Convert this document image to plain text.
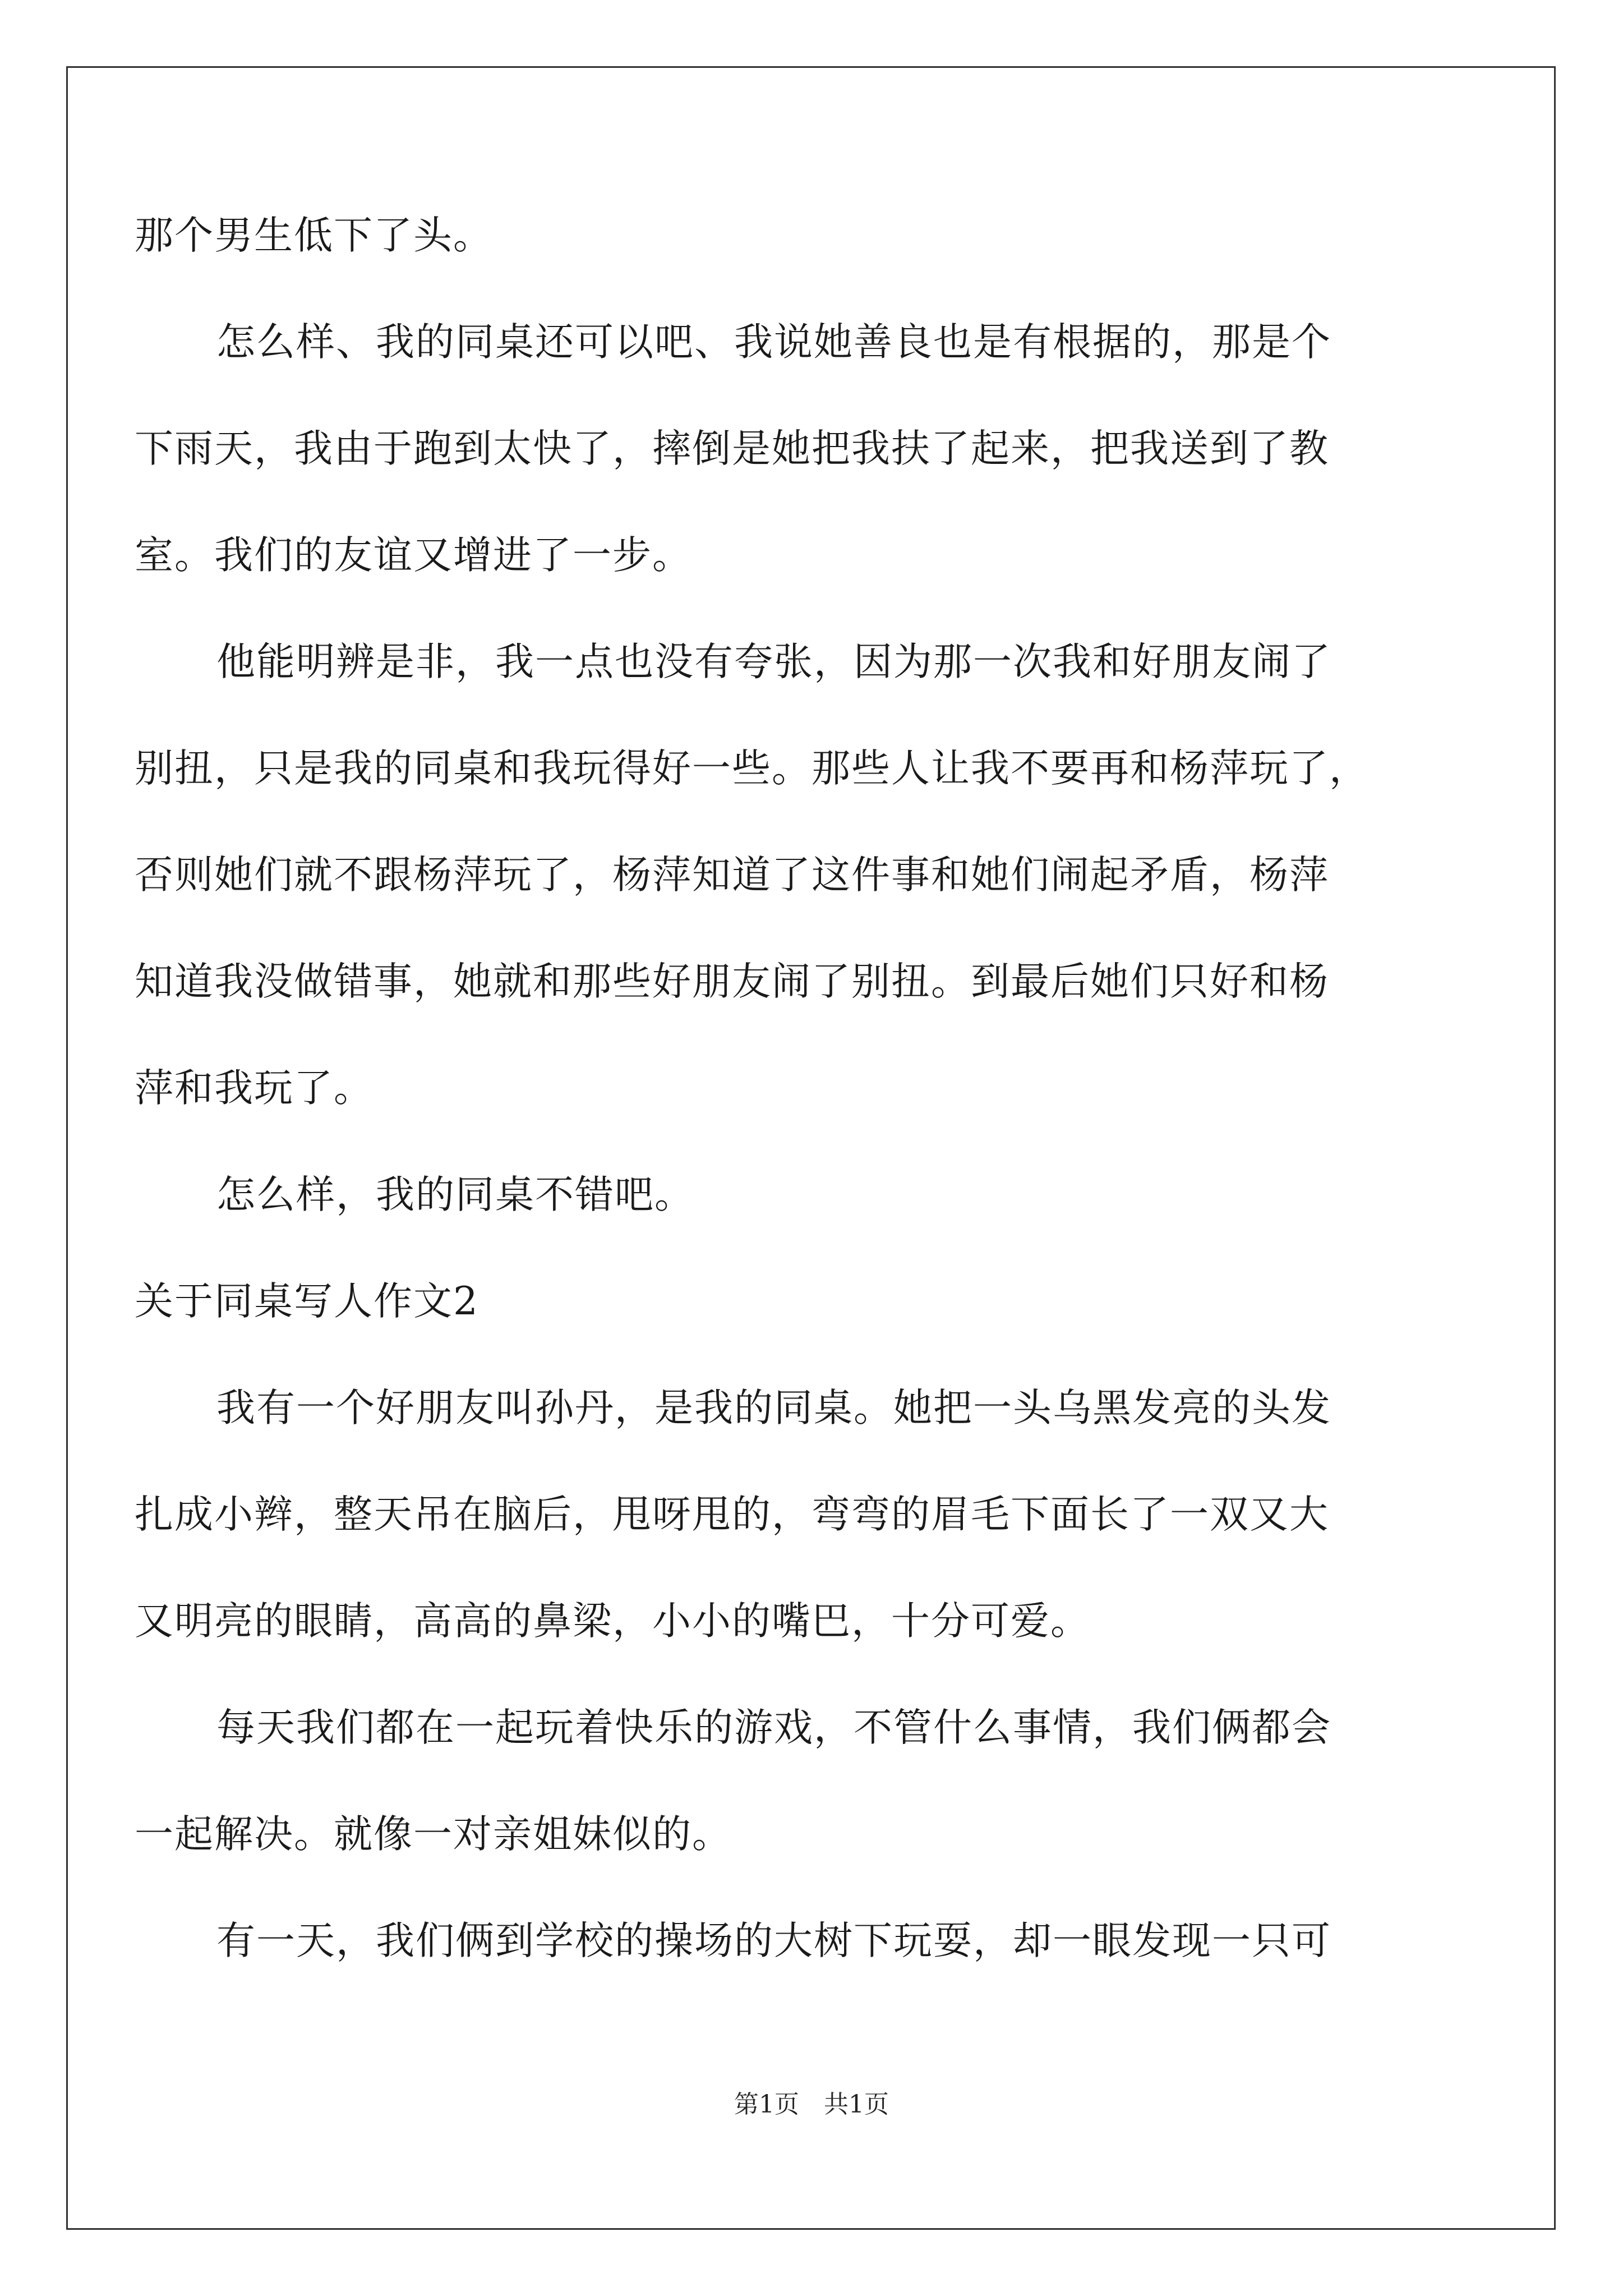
那个男生低下了头。
怎么样、我的同桌还可以吧、我说她善良也是有根据的，那是个
下雨天，我由于跑到太快了，摔倒是她把我扶了起来，把我送到了教
室。我们的友谊又增进了一步。
他能明辨是非，我一点也没有夸张，因为那一次我和好朋友闹了
别扭，只是我的同桌和我玩得好一些。那些人让我不要再和杨萍玩了，
否则她们就不跟杨萍玩了，杨萍知道了这件事和她们闹起矛盾，杨萍
知道我没做错事，她就和那些好朋友闹了别扭。到最后她们只好和杨
萍和我玩了。
怎么样，我的同桌不错吧。
关于同桌写人作文2
我有一个好朋友叫孙丹，是我的同桌。她把一头乌黑发亮的头发
扎成小辫，整天吊在脑后，甩呀甩的，弯弯的眉毛下面长了一双又大
又明亮的眼睛，高高的鼻梁，小小的嘴巴，十分可爱。
每天我们都在一起玩着快乐的游戏，不管什么事情，我们俩都会
一起解决。就像一对亲姐妹似的。
有一天，我们俩到学校的操场的大树下玩耍，却一眼发现一只可
第1页 共1页
